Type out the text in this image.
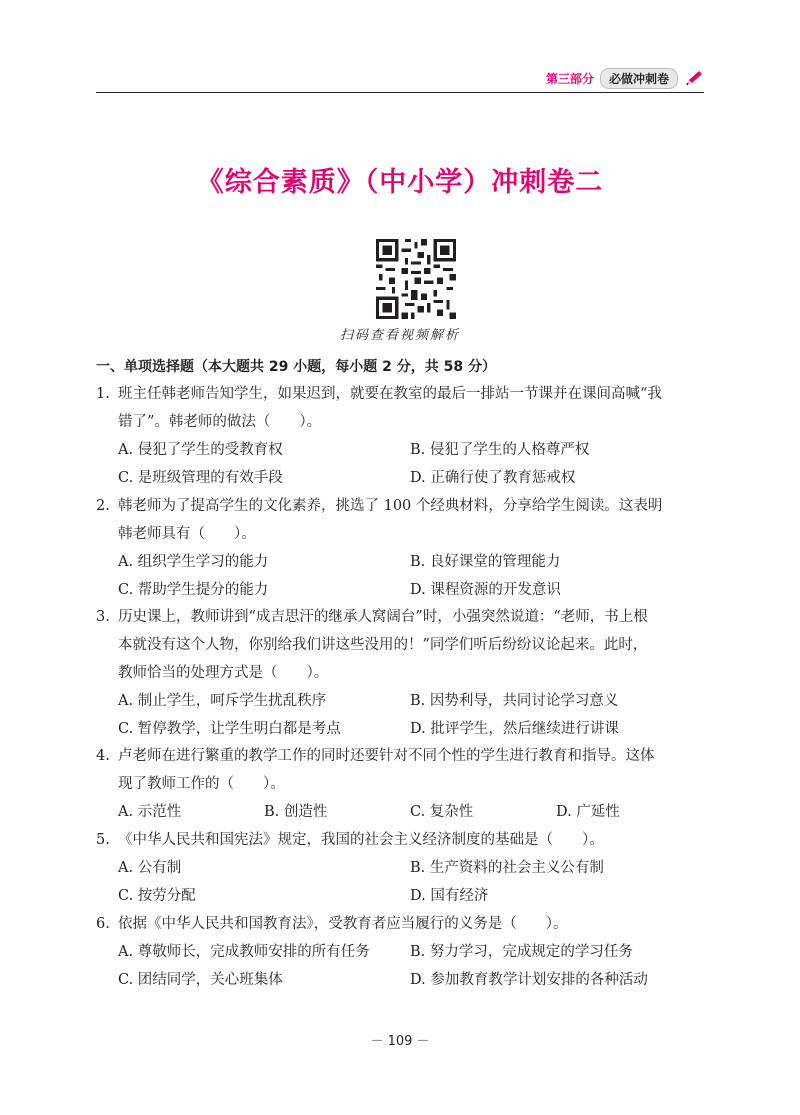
第三部分	必做冲刺卷
《综合素质》（中小学）冲刺卷二
扫码查看视频解析
一、单项选择题（本大题共 29 小题，每小题 2 分，共 58 分）
1. 班主任韩老师告知学生，如果迟到，就要在教室的最后一排站一节课并在课间高喊“我
错了”。韩老师的做法（　　）。
A. 侵犯了学生的受教育权	B. 侵犯了学生的人格尊严权
C. 是班级管理的有效手段	D. 正确行使了教育惩戒权
2. 韩老师为了提高学生的文化素养，挑选了 100 个经典材料，分享给学生阅读。这表明
韩老师具有（　　）。
A. 组织学生学习的能力	B. 良好课堂的管理能力
C. 帮助学生提分的能力	D. 课程资源的开发意识
3. 历史课上，教师讲到“成吉思汗的继承人窝阔台”时，小强突然说道：“老师，书上根
本就没有这个人物，你别给我们讲这些没用的！”同学们听后纷纷议论起来。此时，
教师恰当的处理方式是（　　）。
A. 制止学生，呵斥学生扰乱秩序	B. 因势利导，共同讨论学习意义
C. 暂停教学，让学生明白都是考点	D. 批评学生，然后继续进行讲课
4. 卢老师在进行繁重的教学工作的同时还要针对不同个性的学生进行教育和指导。这体
现了教师工作的（　　）。
A. 示范性	B. 创造性	C. 复杂性	D. 广延性
5. 《中华人民共和国宪法》规定，我国的社会主义经济制度的基础是（　　）。
A. 公有制	B. 生产资料的社会主义公有制
C. 按劳分配	D. 国有经济
6. 依据《中华人民共和国教育法》，受教育者应当履行的义务是（　　）。
A. 尊敬师长，完成教师安排的所有任务	B. 努力学习，完成规定的学习任务
C. 团结同学，关心班集体	D. 参加教育教学计划安排的各种活动
－ 109 －
